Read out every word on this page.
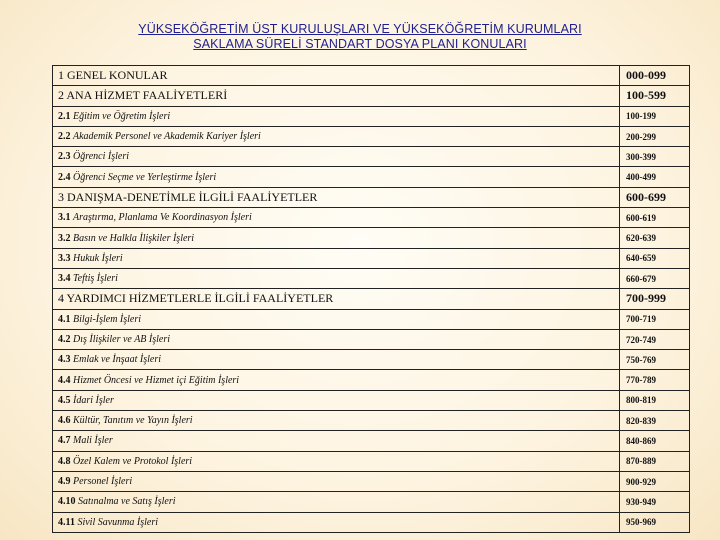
YÜKSEKÖĞRETİM ÜST KURULUŞLARI VE YÜKSEKÖĞRETİM KURUMLARI
SAKLAMA SÜRELİ STANDART DOSYA PLANI KONULARI
1 GENEL KONULAR	000-099
2 ANA HİZMET FAALİYETLERİ	100-599
2.1 Eğitim ve Öğretim İşleri	100-199
2.2 Akademik Personel ve Akademik Kariyer İşleri	200-299
2.3 Öğrenci İşleri	300-399
2.4 Öğrenci Seçme ve Yerleştirme İşleri	400-499
3 DANIŞMA-DENETİMLE İLGİLİ FAALİYETLER	600-699
3.1 Araştırma, Planlama Ve Koordinasyon İşleri	600-619
3.2 Basın ve Halkla İlişkiler İşleri	620-639
3.3 Hukuk İşleri	640-659
3.4 Teftiş İşleri	660-679
4 YARDIMCI HİZMETLERLE İLGİLİ FAALİYETLER	700-999
4.1 Bilgi-İşlem İşleri	700-719
4.2 Dış İlişkiler ve AB İşleri	720-749
4.3 Emlak ve İnşaat İşleri	750-769
4.4 Hizmet Öncesi ve Hizmet içi Eğitim İşleri	770-789
4.5 İdari İşler	800-819
4.6 Kültür, Tanıtım ve Yayın İşleri	820-839
4.7 Mali İşler	840-869
4.8 Özel Kalem ve Protokol İşleri	870-889
4.9 Personel İşleri	900-929
4.10 Satınalma ve Satış İşleri	930-949
4.11 Sivil Savunma İşleri	950-969
